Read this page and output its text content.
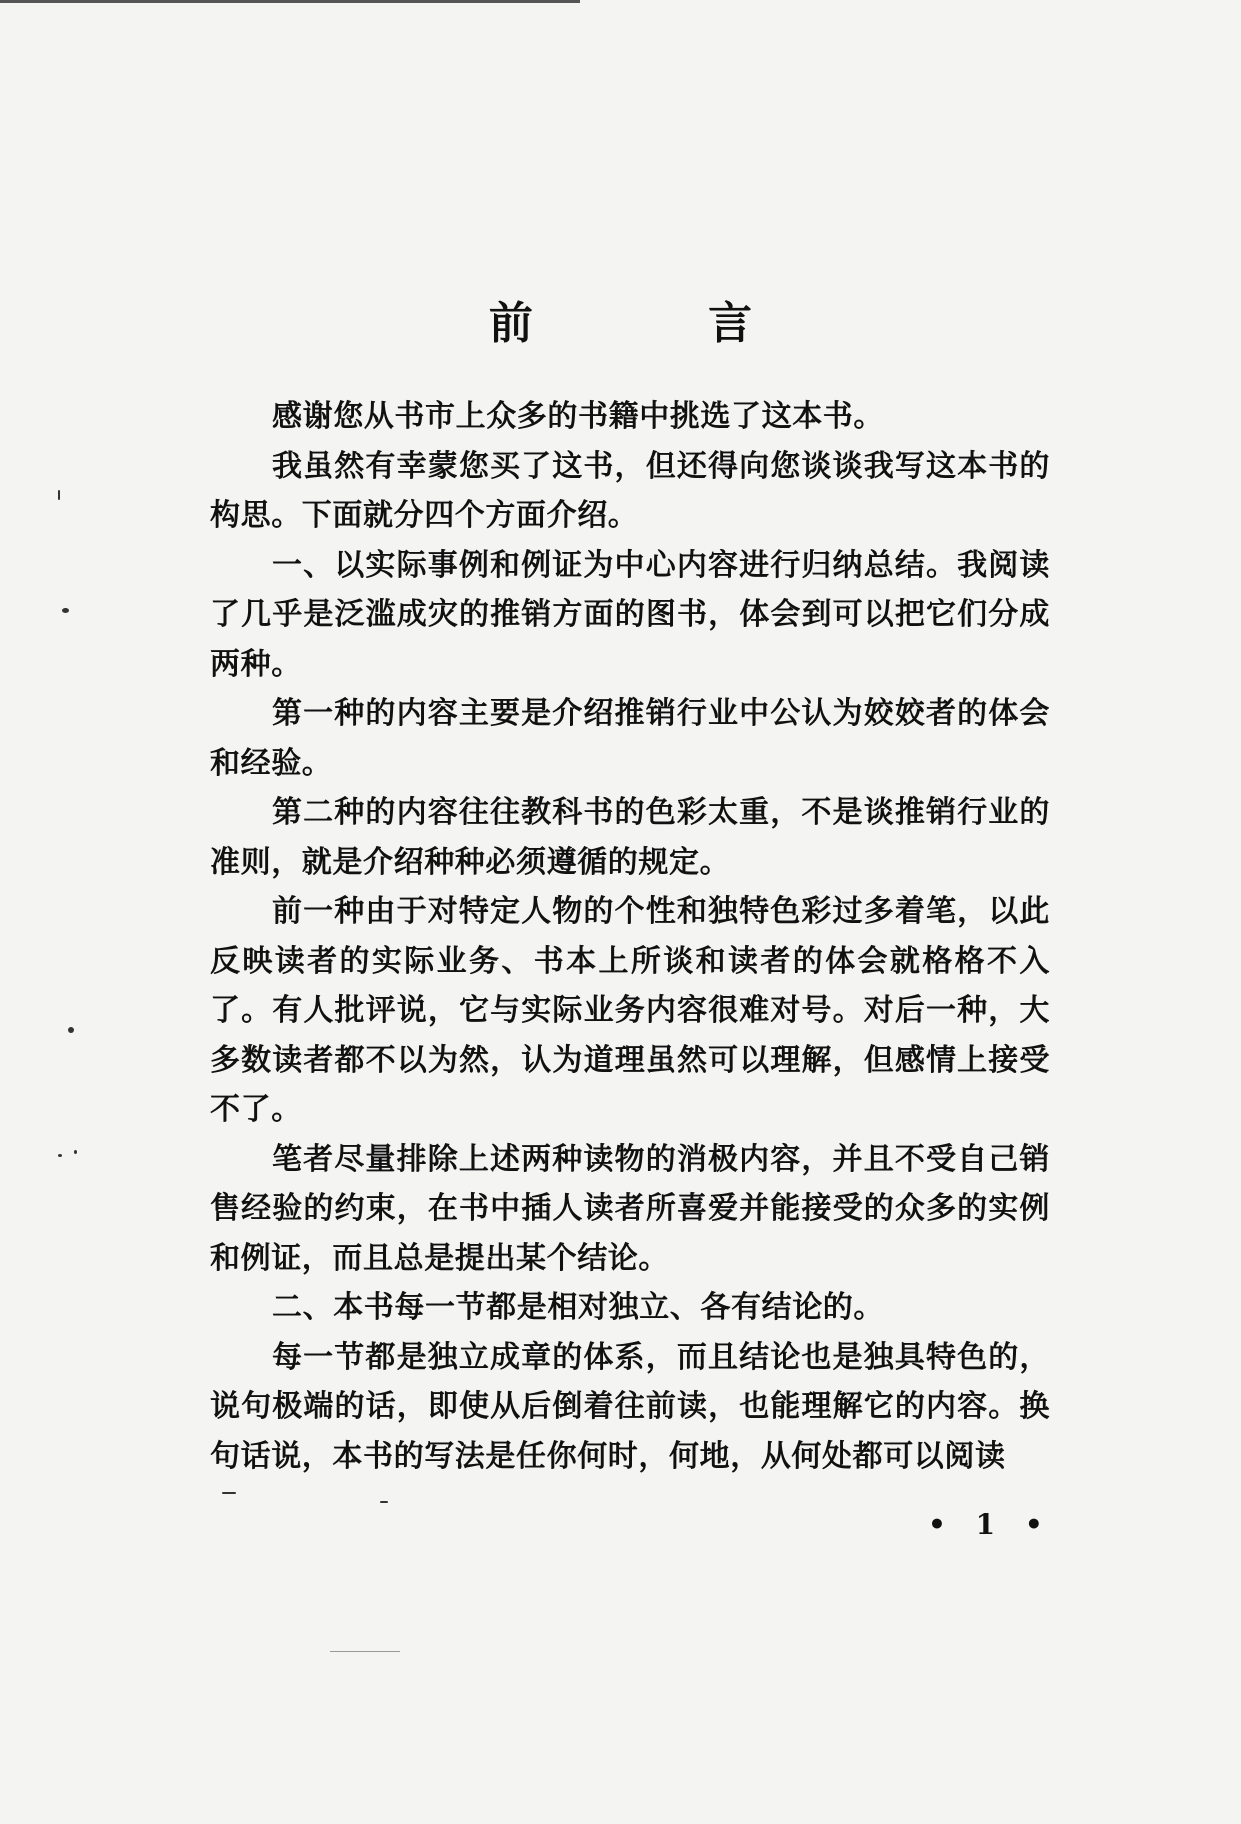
前 言

感谢您从书市上众多的书籍中挑选了这本书。

我虽然有幸蒙您买了这书，但还得向您谈谈我写这本书的构思。下面就分四个方面介绍。

一、以实际事例和例证为中心内容进行归纳总结。我阅读了几乎是泛滥成灾的推销方面的图书，体会到可以把它们分成两种。

第一种的内容主要是介绍推销行业中公认为姣姣者的体会和经验。

第二种的内容往往教科书的色彩太重，不是谈推销行业的准则，就是介绍种种必须遵循的规定。

前一种由于对特定人物的个性和独特色彩过多着笔，以此反映读者的实际业务、书本上所谈和读者的体会就格格不入了。有人批评说，它与实际业务内容很难对号。对后一种，大多数读者都不以为然，认为道理虽然可以理解，但感情上接受不了。

笔者尽量排除上述两种读物的消极内容，并且不受自己销售经验的约束，在书中插人读者所喜爱并能接受的众多的实例和例证，而且总是提出某个结论。

二、本书每一节都是相对独立、各有结论的。

每一节都是独立成章的体系，而且结论也是独具特色的，说句极端的话，即使从后倒着往前读，也能理解它的内容。换句话说，本书的写法是任你何时，何地，从何处都可以阅读

• 1 •
